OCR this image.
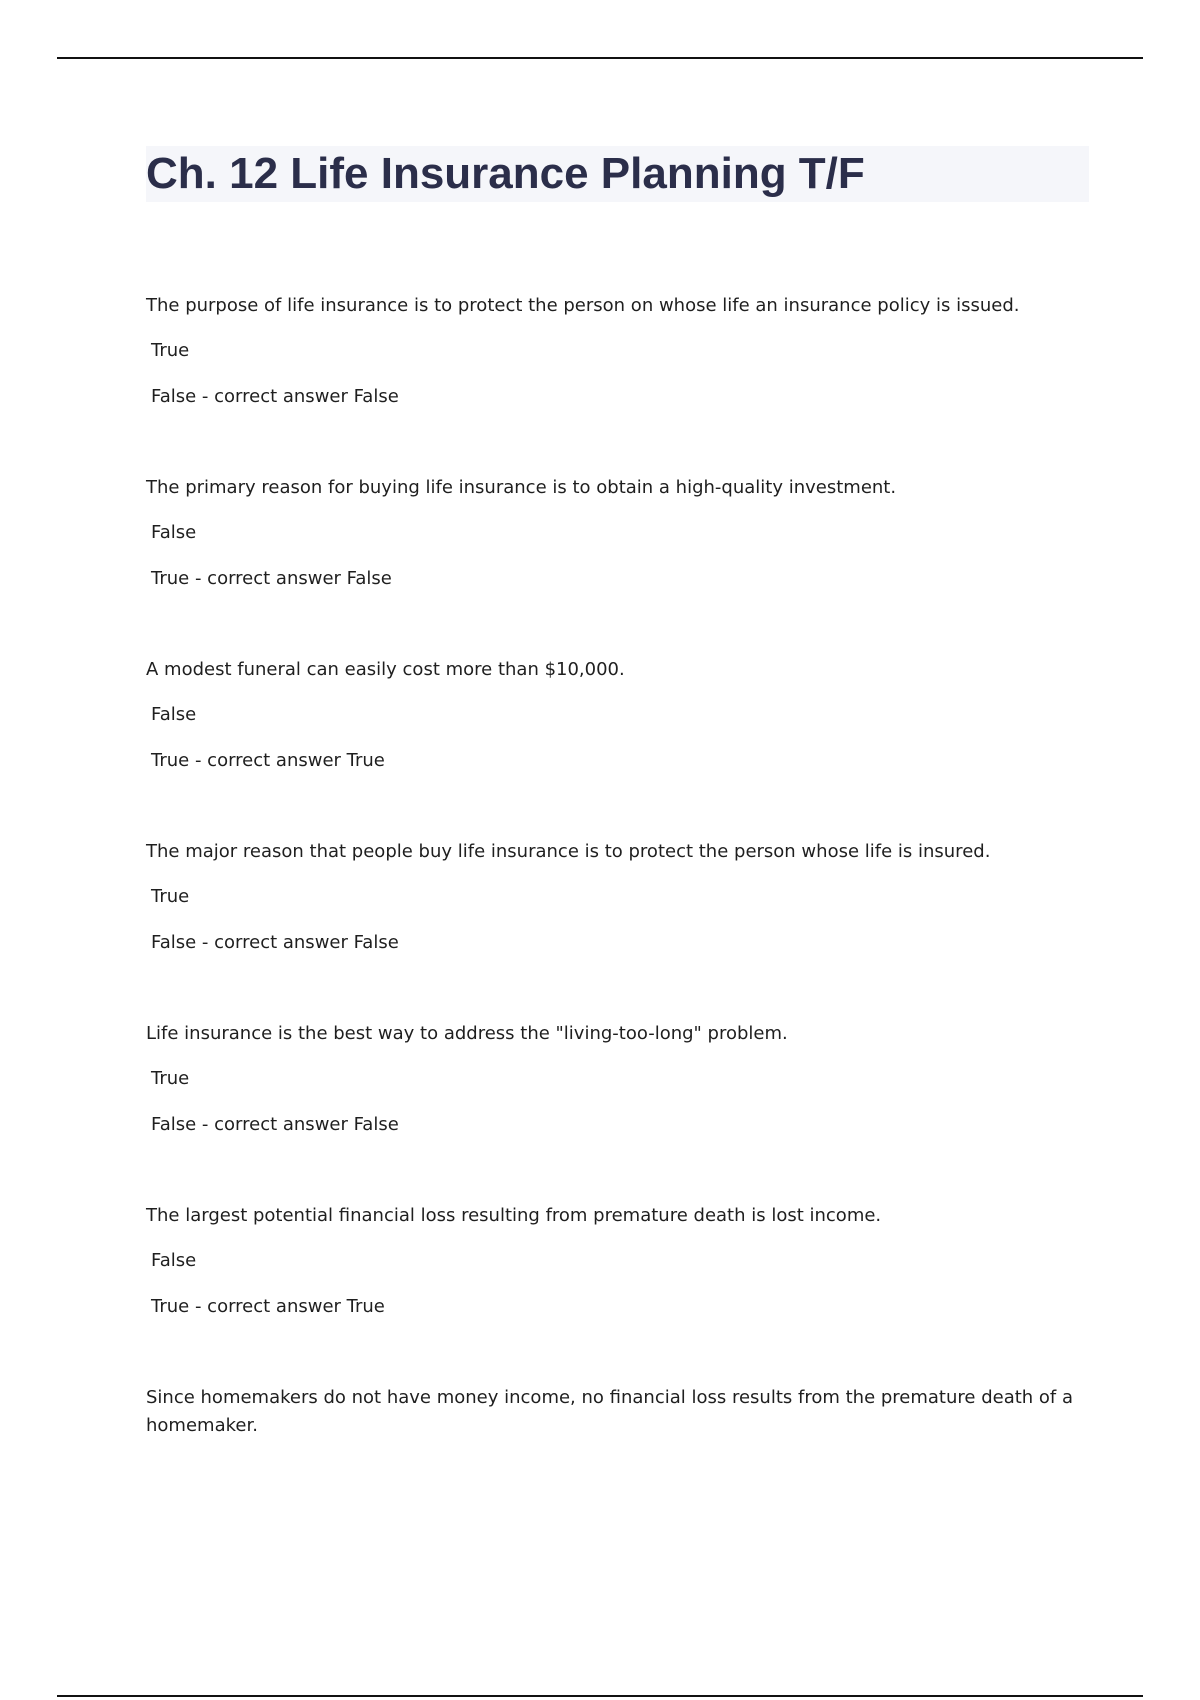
Ch. 12 Life Insurance Planning T/F

The purpose of life insurance is to protect the person on whose life an insurance policy is issued.

True

False - correct answer False

The primary reason for buying life insurance is to obtain a high-quality investment.

False

True - correct answer False

A modest funeral can easily cost more than $10,000.

False

True - correct answer True

The major reason that people buy life insurance is to protect the person whose life is insured.

True

False - correct answer False

Life insurance is the best way to address the "living-too-long" problem.

True

False - correct answer False

The largest potential financial loss resulting from premature death is lost income.

False

True - correct answer True

Since homemakers do not have money income, no financial loss results from the premature death of a homemaker.
